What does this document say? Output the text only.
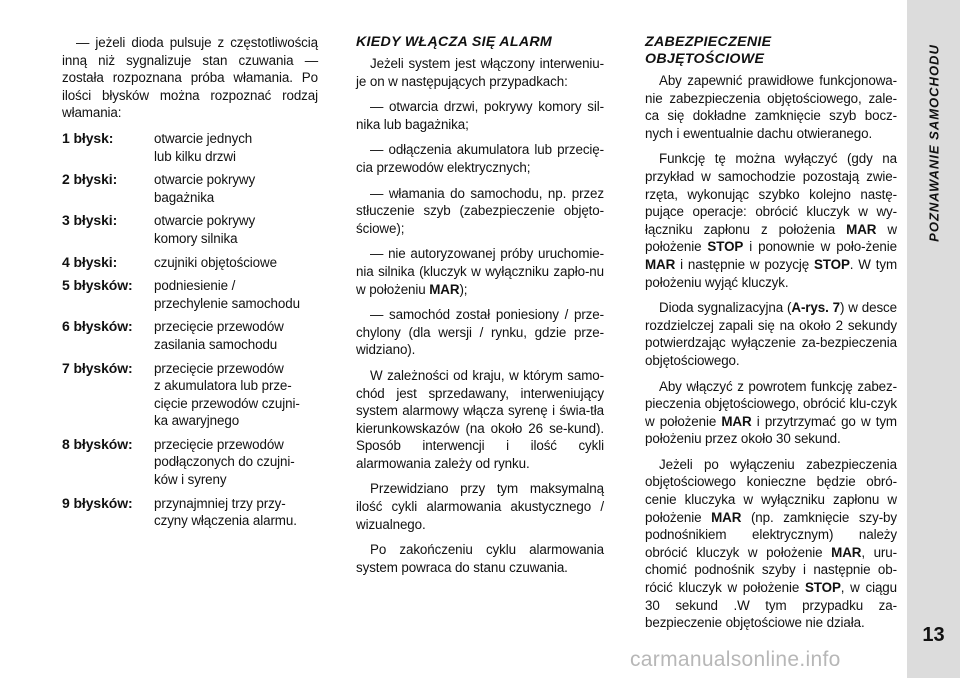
POZNAWANIE SAMOCHODU
13

— jeżeli dioda pulsuje z częstotliwością inną niż sygnalizuje stan czuwania — została rozpoznana próba włamania. Po ilości błysków można rozpoznać rodzaj włamania:

1 błysk:	otwarcie jednych
lub kilku drzwi
2 błyski:	otwarcie pokrywy
bagażnika
3 błyski:	otwarcie pokrywy
komory silnika
4 błyski:	czujniki objętościowe
5 błysków:	podniesienie /
przechylenie samochodu
6 błysków:	przecięcie przewodów
zasilania samochodu
7 błysków:	przecięcie przewodów
z akumulatora lub prze-
cięcie przewodów czujni-
ka awaryjnego
8 błysków:	przecięcie przewodów
podłączonych do czujni-
ków i syreny
9 błysków:	przynajmniej trzy przy-
czyny włączenia alarmu.
KIEDY WŁĄCZA SIĘ ALARM

Jeżeli system jest włączony interweniu-je on w następujących przypadkach:

— otwarcia drzwi, pokrywy komory sil-nika lub bagażnika;

— odłączenia akumulatora lub przecię-cia przewodów elektrycznych;

— włamania do samochodu, np. przez stłuczenie szyb (zabezpieczenie objęto-ściowe);

— nie autoryzowanej próby uruchomie-nia silnika (kluczyk w wyłączniku zapło-nu w położeniu MAR);

— samochód został poniesiony / prze-chylony (dla wersji / rynku, gdzie prze-widziano).

W zależności od kraju, w którym samo-chód jest sprzedawany, interweniujący system alarmowy włącza syrenę i świa-tła kierunkowskazów (na około 26 se-kund). Sposób interwencji i ilość cykli alarmowania zależy od rynku.

Przewidziano przy tym maksymalną ilość cykli alarmowania akustycznego / wizualnego.

Po zakończeniu cyklu alarmowania system powraca do stanu czuwania.

ZABEZPIECZENIE OBJĘTOŚCIOWE

Aby zapewnić prawidłowe funkcjonowa-nie zabezpieczenia objętościowego, zale-ca się dokładne zamknięcie szyb bocz-nych i ewentualnie dachu otwieranego.

Funkcję tę można wyłączyć (gdy na przykład w samochodzie pozostają zwie-rzęta, wykonując szybko kolejno nastę-pujące operacje: obrócić kluczyk w wy-łączniku zapłonu z położenia MAR w położenie STOP i ponownie w poło-żenie MAR i następnie w pozycję STOP. W tym położeniu wyjąć kluczyk.

Dioda sygnalizacyjna (A-rys. 7) w desce rozdzielczej zapali się na około 2 sekundy potwierdzając wyłączenie za-bezpieczenia objętościowego.

Aby włączyć z powrotem funkcję zabez-pieczenia objętościowego, obrócić klu-czyk w położenie MAR i przytrzymać go w tym położeniu przez około 30 sekund.

Jeżeli po wyłączeniu zabezpieczenia objętościowego konieczne będzie obró-cenie kluczyka w wyłączniku zapłonu w położenie MAR (np. zamknięcie szy-by podnośnikiem elektrycznym) należy obrócić kluczyk w położenie MAR, uru-chomić podnośnik szyby i następnie ob-rócić kluczyk w położenie STOP, w ciągu 30 sekund .W tym przypadku za-bezpieczenie objętościowe nie działa.

carmanualsonline.info
